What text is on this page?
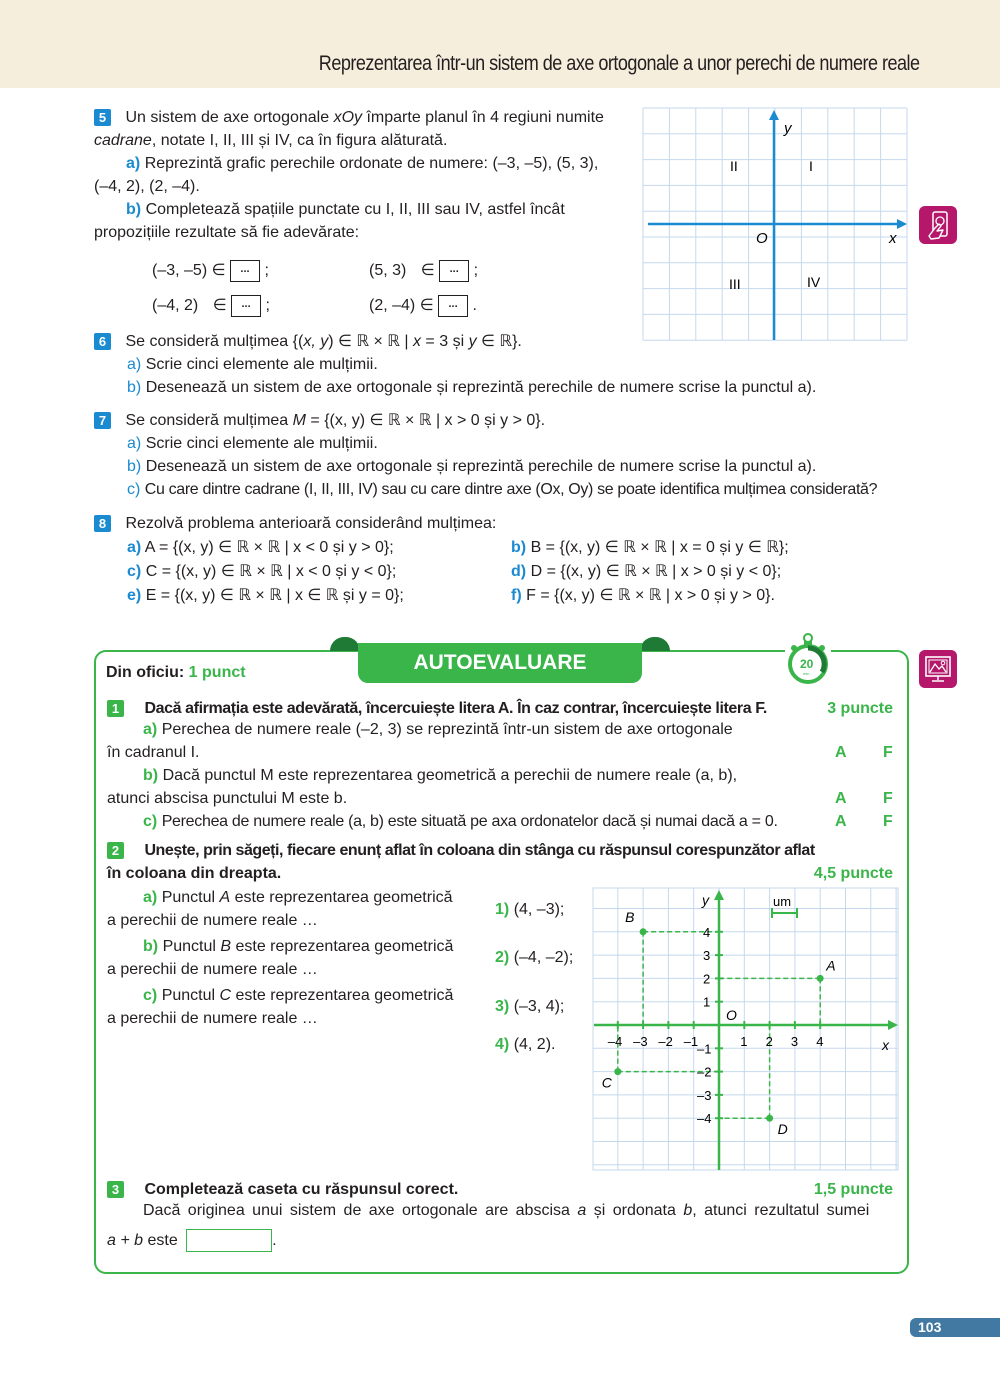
Reprezentarea într-un sistem de axe ortogonale a unor perechi de numere reale
5 Un sistem de axe ortogonale xOy împarte planul în 4 regiuni numite
cadrane, notate I, II, III și IV, ca în figura alăturată.
a) Reprezintă grafic perechile ordonate de numere: (–3, –5), (5, 3),
(–4, 2), (2, –4).
b) Completează spațiile punctate cu I, II, III sau IV, astfel încât
propozițiile rezultate să fie adevărate:
(–3, –5) ∈ ... ;	(5, 3) ∈ ... ;
(–4, 2) ∈ ... ;	(2, –4) ∈ ... .
y
x
O
I
II
III	IV
6 Se consideră mulțimea {(x, y) ∈ ℝ × ℝ | x = 3 și y ∈ ℝ}.
a) Scrie cinci elemente ale mulțimii.
b) Desenează un sistem de axe ortogonale și reprezintă perechile de numere scrise la punctul a).
7 Se consideră mulțimea M = {(x, y) ∈ ℝ × ℝ | x > 0 și y > 0}.
a) Scrie cinci elemente ale mulțimii.
b) Desenează un sistem de axe ortogonale și reprezintă perechile de numere scrise la punctul a).
c) Cu care dintre cadrane (I, II, III, IV) sau cu care dintre axe (Ox, Oy) se poate identifica mulțimea considerată?
8 Rezolvă problema anterioară considerând mulțimea:
a) A = {(x, y) ∈ ℝ × ℝ | x < 0 și y > 0};	b) B = {(x, y) ∈ ℝ × ℝ | x = 0 și y ∈ ℝ};
c) C = {(x, y) ∈ ℝ × ℝ | x < 0 și y < 0};	d) D = {(x, y) ∈ ℝ × ℝ | x > 0 și y < 0};
e) E = {(x, y) ∈ ℝ × ℝ | x ∈ ℝ și y = 0};	f) F = {(x, y) ∈ ℝ × ℝ | x > 0 și y > 0}.
AUTOEVALUARE	20
min
Din oficiu: 1 punct
1 Dacă afirmația este adevărată, încercuiește litera A. În caz contrar, încercuiește litera F.	3 puncte
a) Perechea de numere reale (–2, 3) se reprezintă într-un sistem de axe ortogonale
în cadranul I.	A F
b) Dacă punctul M este reprezentarea geometrică a perechii de numere reale (a, b),
atunci abscisa punctului M este b.	A F
c) Perechea de numere reale (a, b) este situată pe axa ordonatelor dacă și numai dacă a = 0.	A F
2 Unește, prin săgeți, fiecare enunț aflat în coloana din stânga cu răspunsul corespunzător aflat
în coloana din dreapta.	4,5 puncte
a) Punctul A este reprezentarea geometrică
a perechii de numere reale …
b) Punctul B este reprezentarea geometrică
a perechii de numere reale …
c) Punctul C este reprezentarea geometrică
a perechii de numere reale …
1) (4, –3);
2) (–4, –2);
3) (–3, 4);
4) (4, 2).
y
x
O
um
–4 –3 –2 –1	1 2 3 4
4
3
2
1
–1
–2
–3
–4
A
B
C
D
3 Completează caseta cu răspunsul corect.	1,5 puncte
Dacă originea unui sistem de axe ortogonale are abscisa a și ordonata b, atunci rezultatul sumei
a + b este	.
103
